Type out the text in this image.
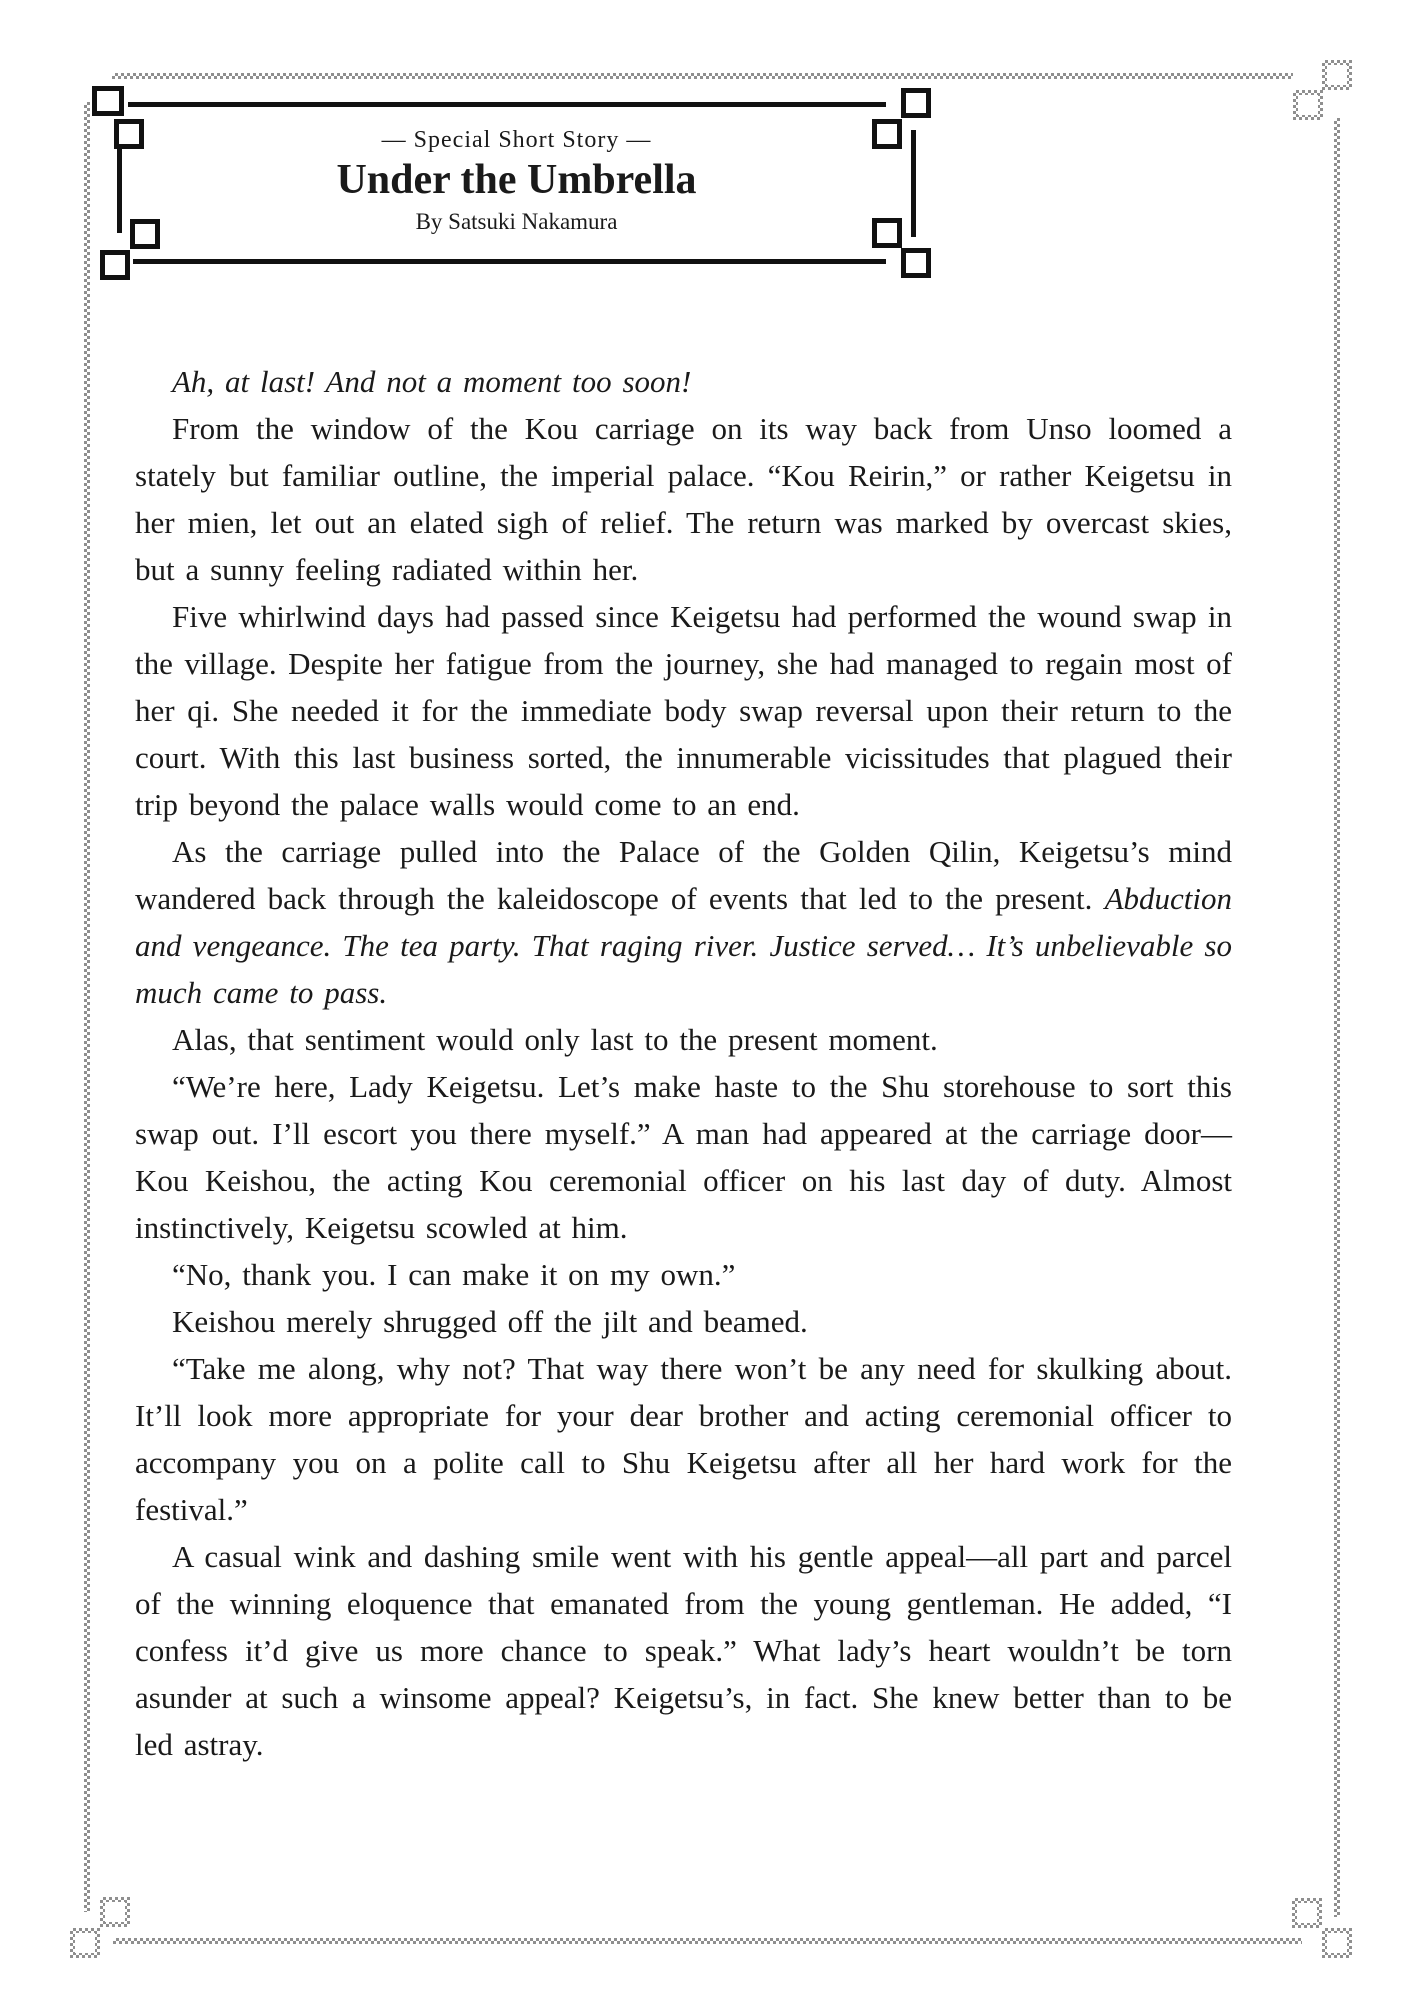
— Special Short Story —
Under the Umbrella
By Satsuki Nakamura

Ah, at last! And not a moment too soon!

From the window of the Kou carriage on its way back from Unso loomed a stately but familiar outline, the imperial palace. “Kou Reirin,” or rather Keigetsu in her mien, let out an elated sigh of relief. The return was marked by overcast skies, but a sunny feeling radiated within her.

Five whirlwind days had passed since Keigetsu had performed the wound swap in the village. Despite her fatigue from the journey, she had managed to regain most of her qi. She needed it for the immediate body swap reversal upon their return to the court. With this last business sorted, the innumerable vicissitudes that plagued their trip beyond the palace walls would come to an end.

As the carriage pulled into the Palace of the Golden Qilin, Keigetsu’s mind wandered back through the kaleidoscope of events that led to the present. Abduction and vengeance. The tea party. That raging river. Justice served… It’s unbelievable so much came to pass.

Alas, that sentiment would only last to the present moment.

“We’re here, Lady Keigetsu. Let’s make haste to the Shu storehouse to sort this swap out. I’ll escort you there myself.” A man had appeared at the carriage door—Kou Keishou, the acting Kou ceremonial officer on his last day of duty. Almost instinctively, Keigetsu scowled at him.

“No, thank you. I can make it on my own.”

Keishou merely shrugged off the jilt and beamed.

“Take me along, why not? That way there won’t be any need for skulking about. It’ll look more appropriate for your dear brother and acting ceremonial officer to accompany you on a polite call to Shu Keigetsu after all her hard work for the festival.”

A casual wink and dashing smile went with his gentle appeal—all part and parcel of the winning eloquence that emanated from the young gentleman. He added, “I confess it’d give us more chance to speak.” What lady’s heart wouldn’t be torn asunder at such a winsome appeal? Keigetsu’s, in fact. She knew better than to be led astray.
